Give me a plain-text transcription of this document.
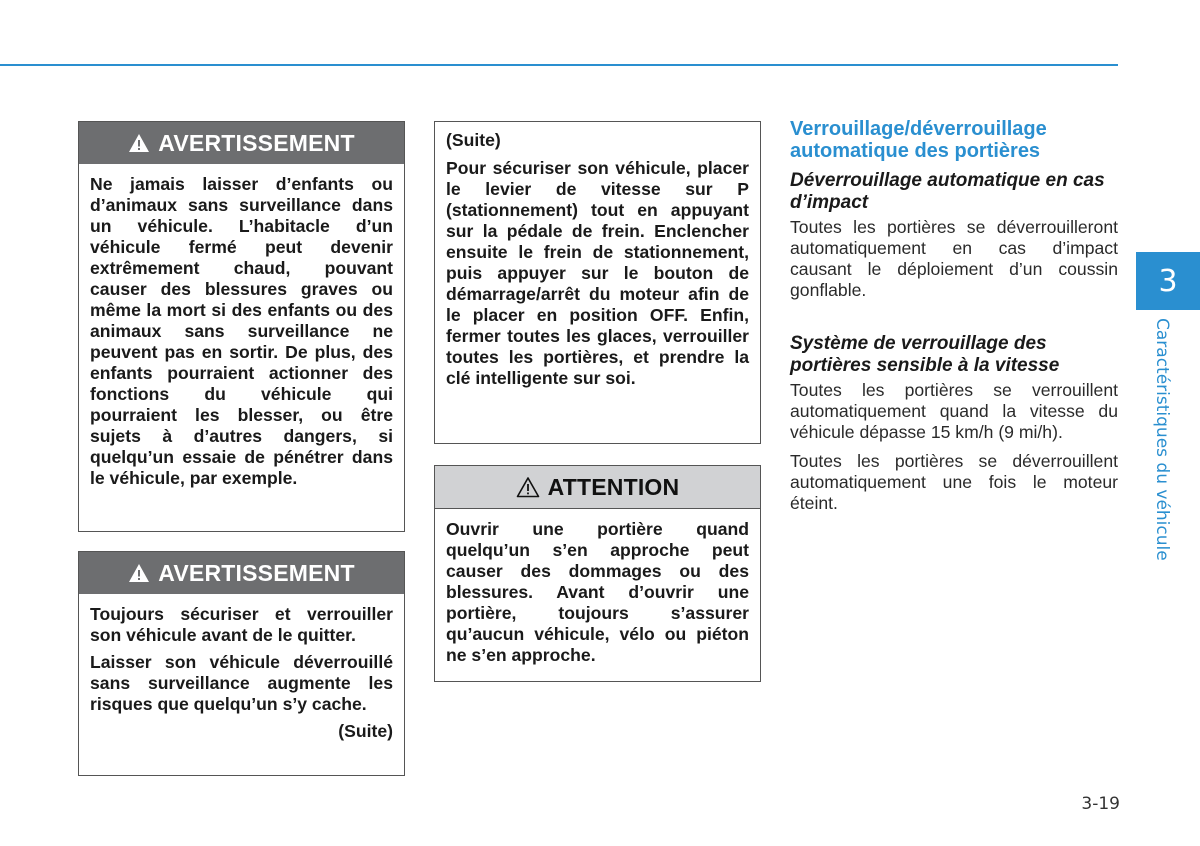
AVERTISSEMENT

Ne jamais laisser d’enfants ou d’animaux sans surveillance dans un véhicule. L’habitacle d’un véhicule fermé peut devenir extrêmement chaud, pouvant causer des blessures graves ou même la mort si des enfants ou des animaux sans surveillance ne peuvent pas en sortir. De plus, des enfants pourraient actionner des fonctions du véhicule qui pourraient les blesser, ou être sujets à d’autres dangers, si quelqu’un essaie de pénétrer dans le véhicule, par exemple.

AVERTISSEMENT

Toujours sécuriser et verrouiller son véhicule avant de le quitter.

Laisser son véhicule déverrouillé sans surveillance augmente les risques que quelqu’un s’y cache.

(Suite)

(Suite)

Pour sécuriser son véhicule, placer le levier de vitesse sur P (stationnement) tout en appuyant sur la pédale de frein. Enclencher ensuite le frein de stationnement, puis appuyer sur le bouton de démarrage/arrêt du moteur afin de le placer en position OFF. Enfin, fermer toutes les glaces, verrouiller toutes les portières, et prendre la clé intelligente sur soi.

ATTENTION

Ouvrir une portière quand quelqu’un s’en approche peut causer des dommages ou des blessures. Avant d’ouvrir une portière, toujours s’assurer qu’aucun véhicule, vélo ou piéton ne s’en approche.

Verrouillage/déverrouillage automatique des portières
Déverrouillage automatique en cas d’impact

Toutes les portières se déverrouilleront automatiquement en cas d’impact causant le déploiement d’un coussin gonflable.

Système de verrouillage des portières sensible à la vitesse

Toutes les portières se verrouillent automatiquement quand la vitesse du véhicule dépasse 15 km/h (9 mi/h).

Toutes les portières se déverrouillent automatiquement une fois le moteur éteint.

3
Caractéristiques du véhicule
3-19
